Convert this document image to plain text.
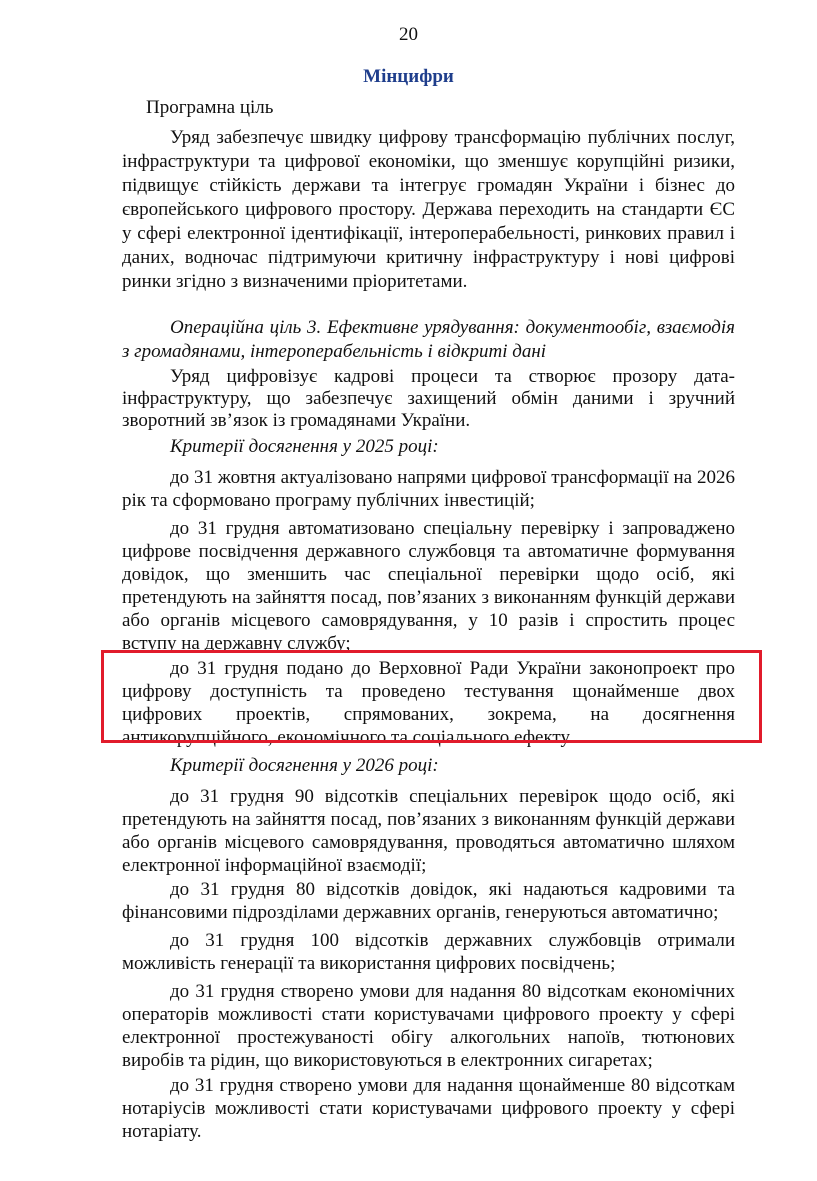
20
Мінцифри
Програмна ціль

Уряд забезпечує швидку цифрову трансформацію публічних послуг, інфраструктури та цифрової економіки, що зменшує корупційні ризики, підвищує стійкість держави та інтегрує громадян України і бізнес до європейського цифрового простору. Держава переходить на стандарти ЄС у сфері електронної ідентифікації, інтероперабельності, ринкових правил і даних, водночас підтримуючи критичну інфраструктуру і нові цифрові ринки згідно з визначеними пріоритетами.

Операційна ціль 3. Ефективне урядування: документообіг, взаємодія з громадянами, інтероперабельність і відкриті дані

Уряд цифровізує кадрові процеси та створює прозору дата-інфраструктуру, що забезпечує захищений обмін даними і зручний зворотний зв’язок із громадянами України.

Критерії досягнення у 2025 році:

до 31 жовтня актуалізовано напрями цифрової трансформації на 2026 рік та сформовано програму публічних інвестицій;

до 31 грудня автоматизовано спеціальну перевірку і запроваджено цифрове посвідчення державного службовця та автоматичне формування довідок, що зменшить час спеціальної перевірки щодо осіб, які претендують на зайняття посад, пов’язаних з виконанням функцій держави або органів місцевого самоврядування, у 10 разів і спростить процес вступу на державну службу;

до 31 грудня подано до Верховної Ради України законопроект про цифрову доступність та проведено тестування щонайменше двох цифрових проектів, спрямованих, зокрема, на досягнення антикорупційного, економічного та соціального ефекту.

Критерії досягнення у 2026 році:

до 31 грудня 90 відсотків спеціальних перевірок щодо осіб, які претендують на зайняття посад, пов’язаних з виконанням функцій держави або органів місцевого самоврядування, проводяться автоматично шляхом електронної інформаційної взаємодії;

до 31 грудня 80 відсотків довідок, які надаються кадровими та фінансовими підрозділами державних органів, генеруються автоматично;

до 31 грудня 100 відсотків державних службовців отримали можливість генерації та використання цифрових посвідчень;

до 31 грудня створено умови для надання 80 відсоткам економічних операторів можливості стати користувачами цифрового проекту у сфері електронної простежуваності обігу алкогольних напоїв, тютюнових виробів та рідин, що використовуються в електронних сигаретах;

до 31 грудня створено умови для надання щонайменше 80 відсоткам нотаріусів можливості стати користувачами цифрового проекту у сфері нотаріату.
